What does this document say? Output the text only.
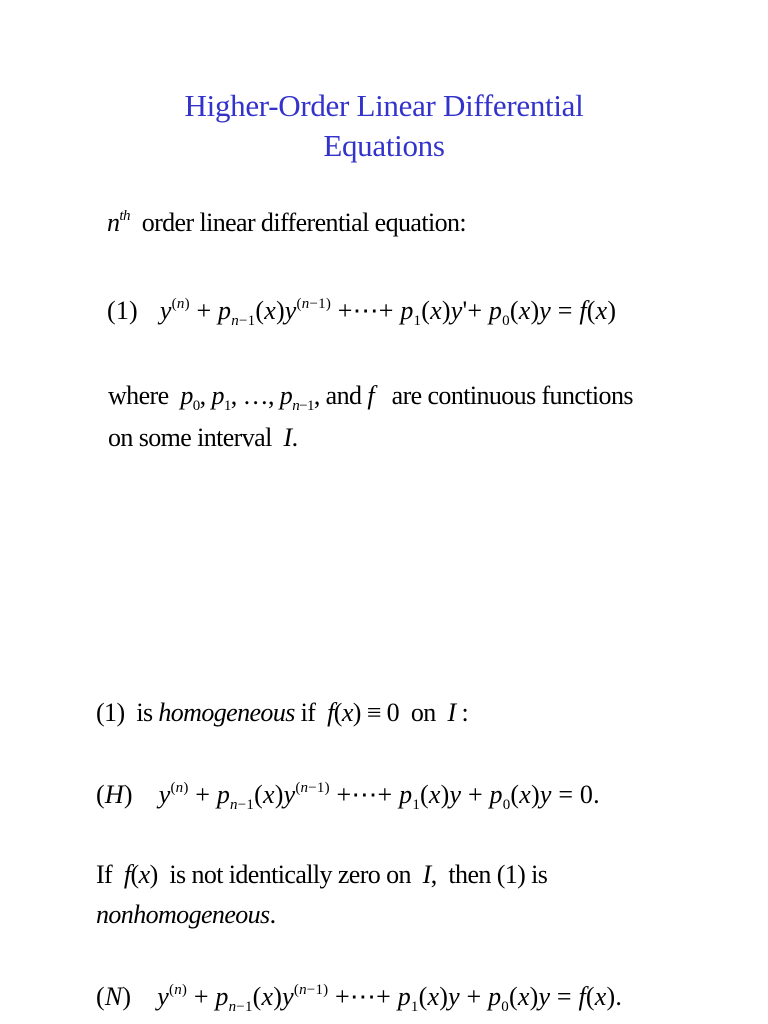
Higher-Order Linear Differential
Equations
$n^{th}$ order linear differential equation:
(1) $y^{(n)} + p_{n-1}(x)y^{(n-1)}$ +⋯+ $p_1(x)y'+ p_0(x)y = f(x)$
where $p_0$, $p_1$, …, $p_{n-1}$, and f are continuous functions
on some interval I.
(1)  is homogeneous if  f(x) ≡ 0  on  I :
(H) $y^{(n)} + p_{n-1}(x)y^{(n-1)}$ +⋯+ $p_1(x)y + p_0(x)y = 0$.
If  f(x)  is not identically zero on  I,  then (1) is
nonhomogeneous.
(N) $y^{(n)} + p_{n-1}(x)y^{(n-1)}$ +⋯+ $p_1(x)y + p_0(x)y = f(x)$.
